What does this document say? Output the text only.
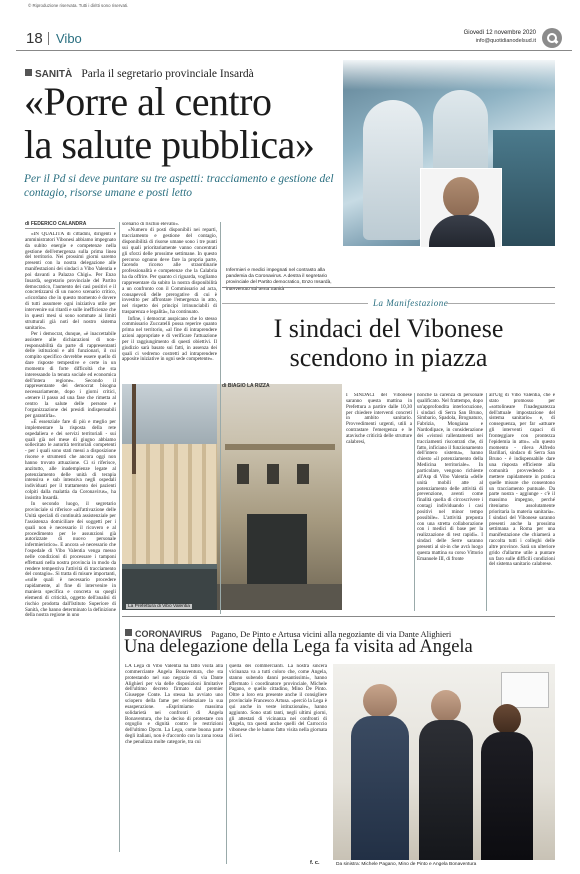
© Riproduzione riservata. Tutti i diritti sono riservati.
18 Vibo	Giovedì 12 novembre 2020
info@quotidianodelsud.it
SANITÀ Parla il segretario provinciale Insardà
«Porre al centro
la salute pubblica»
Per il Pd si deve puntare su tre aspetti: tracciamento e gestione del contagio, risorse umane e posti letto
di FEDERICO CALANDRA

«IN QUALITÀ di cittadini, dirigenti e amministratori Vibonesi abbiamo impegnato da subito energie e competenze nella gestione dell'emergenza sulla prima linea del territorio. Nei prossimi giorni saremo presenti con la nostra delegazione alle manifestazioni dei sindaci a Vibo Valentia e poi davanti a Palazzo Chigi». Per Enzo Insardà, segretario provinciale del Partito democratico, l'aumento dei casi positivi e il concretizzarsi di un nuovo scenario critico, «ricordano che in questo momento è dovere di tutti assumere ogni iniziativa utile per intervenire sui ritardi e sulle inefficienze che in questi mesi si sono sommate ai limiti strutturali già noti del nostro sistema sanitario».

Per i democrat, dunque, «è inaccettabile assistere alle dichiarazioni di non-responsabilità da parte di rappresentanti delle istituzioni e alti funzionari, il cui compito specifico dovrebbe essere quello di dare risposte tempestive e certe in un momento di forte difficoltà che sta interessando la tenuta sociale ed economica dell'intera regione». Secondo il rappresentante dei democrat bisogna necessariamente, dopo i giorni critici, «tenere il passo ad una fase che rimetta al centro la salute delle persone e l'organizzazione dei presidi indispensabili per garantirla».

«È essenziale fare di più e meglio per implementare la risposta della rete ospedaliera e dei servizi territoriali - sui quali già nel mese di giugno abbiamo sollecitato le autorità territoriali competenti - per i quali sono stati messi a disposizione risorse e strumenti che ancora oggi non hanno trovato attuazione. Ci si riferisce, anzitutto, alle inadempienze legate al potenziamento delle unità di terapia intensiva e sub intensiva negli ospedali individuati per il trattamento dei pazienti colpiti dalla malattia da Coronavirus», ha insistito Insardà.

In secondo luogo, il segretario provinciale si riferisce «all'attivazione delle Unità speciali di continuità assistenziale per l'assistenza domiciliare dei soggetti per i quali non è necessario il ricovero e al procedimento per le assunzioni già autorizzate di nuovo personale infermieristico». E ancora «è necessario che l'ospedale di Vibo Valentia venga messo nelle condizioni di processare i tamponi effettuati nella nostra provincia in modo da rendere tempestiva l'attività di tracciamento del contagio». Si tratta di misure importanti, «sulle quali è necessario procedere rapidamente, al fine di intervenire in maniera specifica e concreta su quegli elementi di criticità, oggetto dell'analisi di rischio prodotta dall'Istituto Superiore di Sanità, che hanno determinato la definizione della nostra regione in uno

scenario di rischio elevato».

«Numero di posti disponibili nei reparti, tracciamento e gestione del contagio, disponibilità di risorse umane sono i tre punti sui quali prioritariamente vanno concentrati gli sforzi delle prossime settimane. In questo percorso ognuno deve fare la propria parte, facendo ricorso alle straordinarie professionalità e competenze che la Calabria ha da offrire. Per quanto ci riguarda, vogliamo rappresentare da subito la nostra disponibilità a un confronto con il Commissario ad acta, consapevoli delle prerogative di cui è investito per affrontare l'emergenza in atto, nel rispetto dei principi irrinunciabili di trasparenza e legalità», ha continuato.

Infine, i democrat auspicano che lo stesso commissario Zuccatelli possa reperire quanto prima nel territorio, «al fine di intraprendere azioni appropriate e di verificare l'attuazione per il raggiungimento di questi obiettivi. Il giudizio sarà basato sui fatti, in assenza dei quali ci vedremo costretti ad intraprendere apposite iniziative in ogni sede competente».

Infermieri e medici impegnati nel contrasto alla pandemia da Coronavirus. A destra il segretario provinciale del Partito democratico, Enzo Insardà, intervenuto sul tema Sanità
La Manifestazione
I sindaci del Vibonese
scendono in piazza
La Prefettura di Vibo Valentia
di BIAGIO LA RIZZA
I SINDACI del Vibonese saranno questa mattina in Prefettura a partire dalle 10,30 per chiedere interventi concreti in ambito sanitario. Provvedimenti urgenti, utili a contrastare l'emergenza e le atavische criticità delle strutture calabresi,
nonché la carenza di personale qualificato. Nel frattempo, dopo un'approfondita interlocuzione, i sindaci di Serra San Bruno, Simbario, Spadola, Brognaturo, Fabrizia, Mongiana e Nardodipace, in considerazione dei «vistosi rallentamenti nei tracciamenti riscontrati che, di fatto, inficiano il funzionamento dell'intero sistema», hanno chiesto «il potenziamento della Medicina territoriale». In particolare, vengono richieste all'Asp di Vibo Valentia «delle unità mobili atte al potenziamento delle attività di prevenzione, aventi come finalità quella di circoscrivere i contagi individuando i casi positivi nel minor tempo possibile». L'attività preposta con una stretta collaborazione con i medici di base per la realizzazione di test rapidi». I sindaci delle Serre saranno presenti al sit-in che avrà luogo questa mattina su corso Vittorio Emanuele III, di fronte
all'Ulg di Vibo Valentia, che è stato promosso per «sottolineare l'inadeguatezza dell'attuale impostazione del sistema sanitario» e, di conseguenza, per far «attuare gli interventi capaci di fronteggiare con prontezza l'epidemia in atto». «In questo momento - rileva Alfredo Barillari, sindaco di Serra San Bruno - è indispensabile dare una risposta efficiente alla comunità provvedendo a mettere rapidamente in pratica quelle misure che consentono un tracciamento puntuale. Da parte nostra - aggiunge - c'è il massimo impegno, perché riteniamo assolutamente prioritaria la materia sanitaria». I sindaci del Vibonese saranno presenti anche la prossima settimana a Roma per una manifestazione che chiamerà a raccolta tutti i colleghi delle altre province. Sarà un ulteriore grido d'allarme utile a puntare un faro sulle difficili condizioni del sistema sanitario calabrese.
CORONAVIRUS Pagano, De Pinto e Artusa vicini alla negoziante di via Dante Alighieri
Una delegazione della Lega fa visita ad Angela
LA Lega di Vibo Valentia ha fatto visita alla commerciante Angela Bonaventura, che sta protestando nel suo negozio di via Dante Alighieri per via delle disposizioni limitative dell'ultimo decreto firmato dal premier Giuseppe Conte. La stessa ha avviato uno sciopero della fame per evidenziare la sua esasperazione. «Esprimiamo massima solidarietà nei confronti di Angela Bonaventura, che ha deciso di protestare con orgoglio e dignità contro le restrizioni dell'ultimo Dpcm. La Lega, come buona parte degli italiani, non è d'accordo con la zona rossa che penalizza molte categorie, tra cui
quella dei commercianti. La nostra sincera vicinanza va a tutti coloro che, come Angela, stanno subendo danni pesantissimi», hanno affermato i coordinatore provinciale, Michele Pagano, e quello cittadino, Mino De Pinto. Oltre a loro era presente anche il consigliere provinciale Francesco Artusa. «perciò la Lega è qui anche in veste istituzionale», hanno aggiunto. Sono stati tanti, negli ultimi giorni, gli attestati di vicinanza nei confronti di Angela, tra questi anche quelli del Carroccio vibonese che le hanno fatto visita nella giornata di ieri.
f. c.	Da sinistra: Michele Pagano, Mino de Pinto e Angela Bonaventura
